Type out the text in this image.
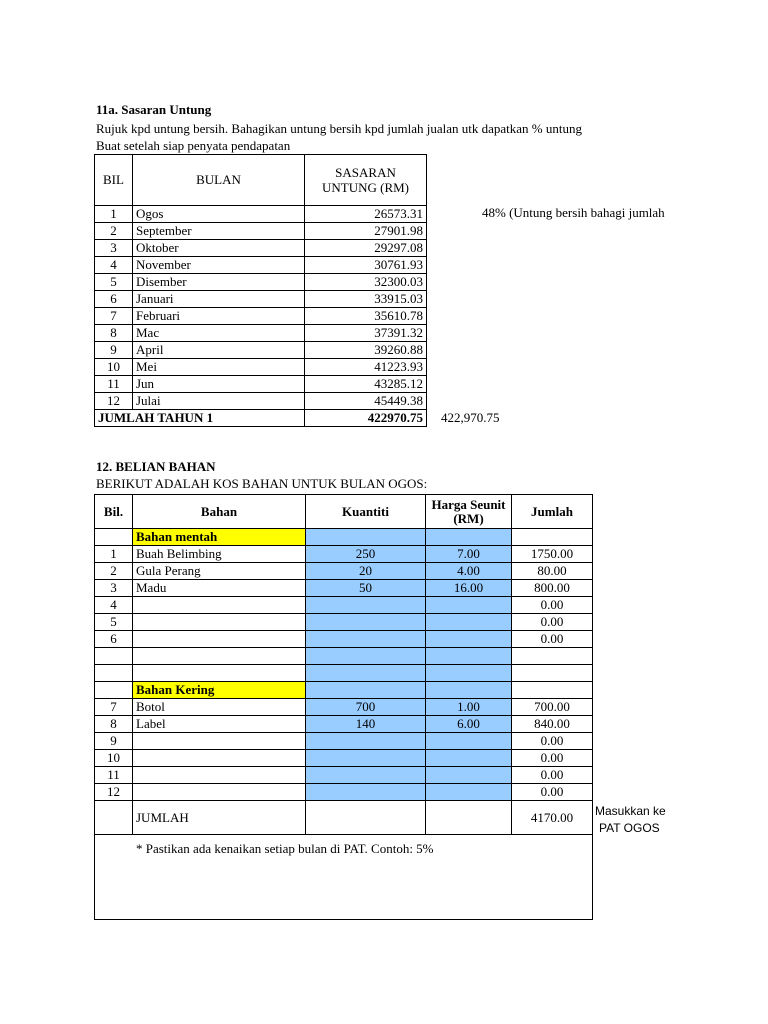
11a. Sasaran Untung
Rujuk kpd untung bersih. Bahagikan untung bersih kpd jumlah jualan utk dapatkan % untung
Buat setelah siap penyata pendapatan
BIL	BULAN	SASARAN UNTUNG (RM)
1	Ogos	26573.31
2	September	27901.98
3	Oktober	29297.08
4	November	30761.93
5	Disember	32300.03
6	Januari	33915.03
7	Februari	35610.78
8	Mac	37391.32
9	April	39260.88
10	Mei	41223.93
11	Jun	43285.12
12	Julai	45449.38
JUMLAH TAHUN 1		422970.75
48% (Untung bersih bahagi jumlah
422,970.75
12. BELIAN BAHAN
BERIKUT ADALAH KOS BAHAN UNTUK BULAN OGOS:
Bil.	Bahan	Kuantiti	Harga Seunit (RM)	Jumlah
	Bahan mentah			
1	Buah Belimbing	250	7.00	1750.00
2	Gula Perang	20	4.00	80.00
3	Madu	50	16.00	800.00
4				0.00
5				0.00
6				0.00

	Bahan Kering			
7	Botol	700	1.00	700.00
8	Label	140	6.00	840.00
9				0.00
10				0.00
11				0.00
12				0.00
	JUMLAH			4170.00
* Pastikan ada kenaikan setiap bulan di PAT. Contoh: 5%				
Masukkan ke
PAT OGOS
